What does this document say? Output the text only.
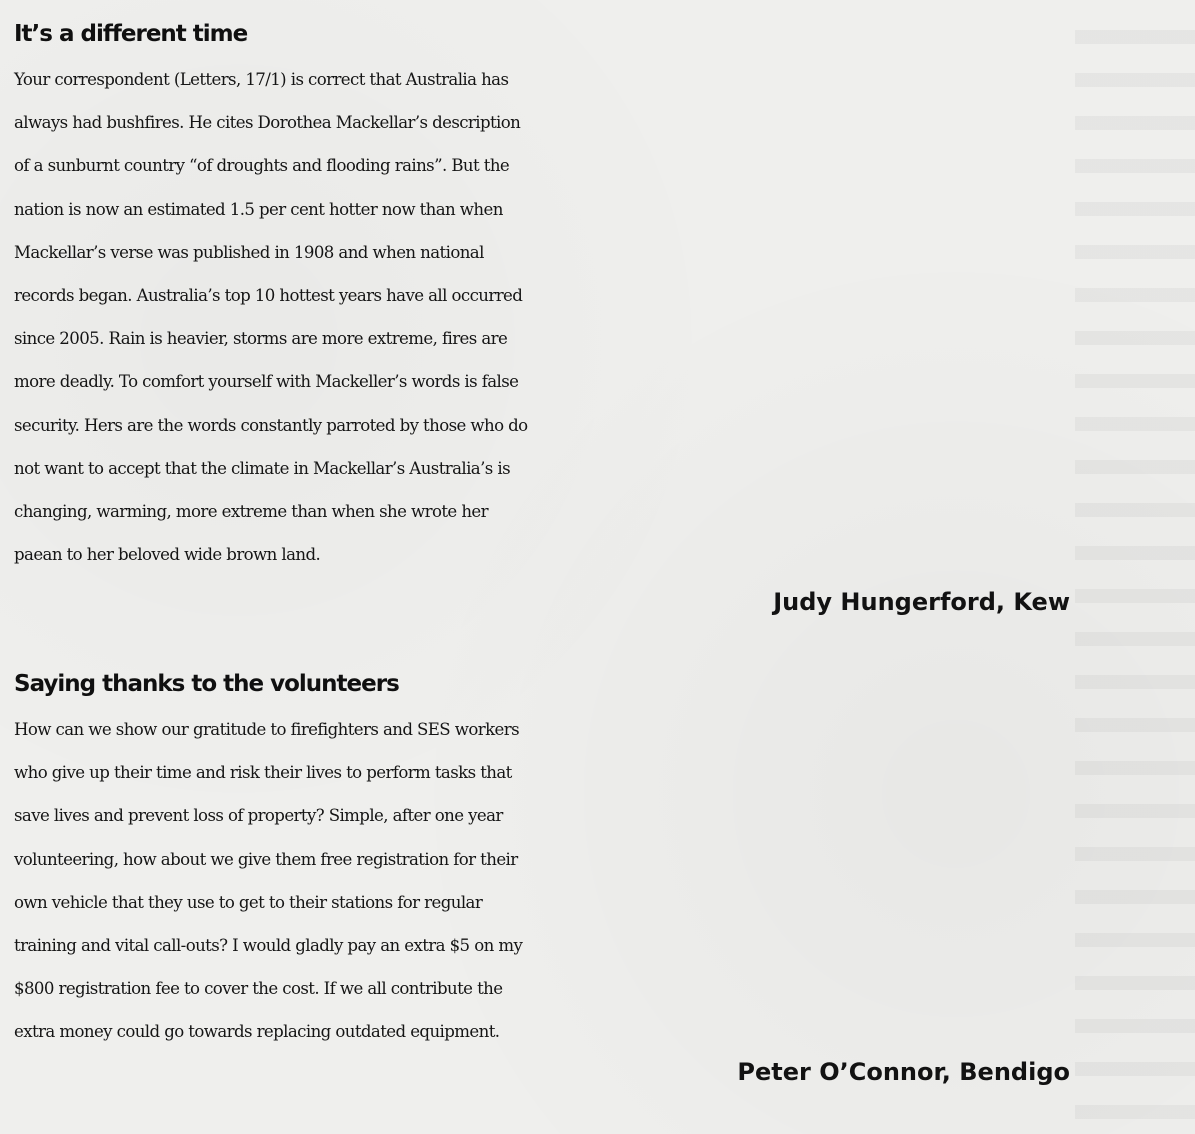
It’s a different time

Your correspondent (Letters, 17/1) is correct that Australia has

always had bushfires. He cites Dorothea Mackellar’s description

of a sunburnt country “of droughts and flooding rains”. But the

nation is now an estimated 1.5 per cent hotter now than when

Mackellar’s verse was published in 1908 and when national

records began. Australia’s top 10 hottest years have all occurred

since 2005. Rain is heavier, storms are more extreme, fires are

more deadly. To comfort yourself with Mackeller’s words is false

security. Hers are the words constantly parroted by those who do

not want to accept that the climate in Mackellar’s Australia’s is

changing, warming, more extreme than when she wrote her

paean to her beloved wide brown land.

Judy Hungerford, Kew

Saying thanks to the volunteers

How can we show our gratitude to firefighters and SES workers

who give up their time and risk their lives to perform tasks that

save lives and prevent loss of property? Simple, after one year

volunteering, how about we give them free registration for their

own vehicle that they use to get to their stations for regular

training and vital call-outs? I would gladly pay an extra $5 on my

$800 registration fee to cover the cost. If we all contribute the

extra money could go towards replacing outdated equipment.

Peter O’Connor, Bendigo
